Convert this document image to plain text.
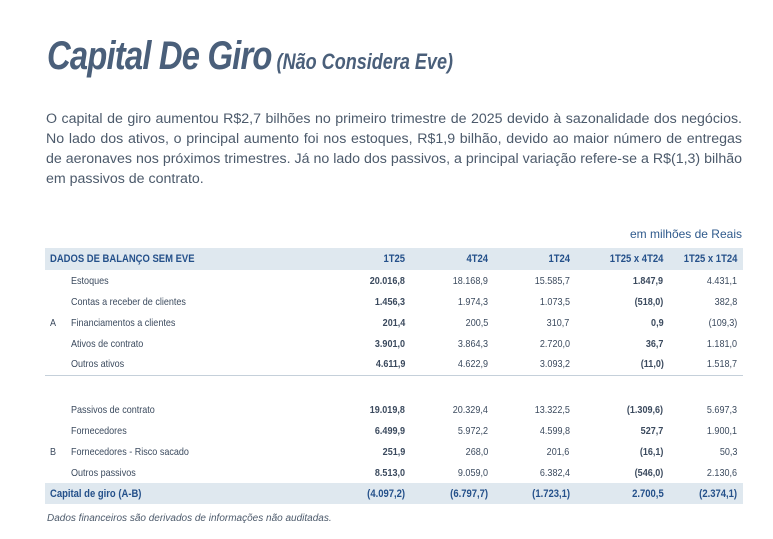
Capital De Giro (Não Considera Eve)
O capital de giro aumentou R$2,7 bilhões no primeiro trimestre de 2025 devido à sazonalidade dos negócios. No lado dos ativos, o principal aumento foi nos estoques, R$1,9 bilhão, devido ao maior número de entregas de aeronaves nos próximos trimestres. Já no lado dos passivos, a principal variação refere-se a R$(1,3) bilhão em passivos de contrato.
em milhões de Reais
DADOS DE BALANÇO SEM EVE		1T25	4T24	1T24	1T25 x 4T24	1T25 x 1T24
	Estoques	20.016,8	18.168,9	15.585,7	1.847,9	4.431,1
	Contas a receber de clientes	1.456,3	1.974,3	1.073,5	(518,0)	382,8
A	Financiamentos a clientes	201,4	200,5	310,7	0,9	(109,3)
	Ativos de contrato	3.901,0	3.864,3	2.720,0	36,7	1.181,0
	Outros ativos	4.611,9	4.622,9	3.093,2	(11,0)	1.518,7

	Passivos de contrato	19.019,8	20.329,4	13.322,5	(1.309,6)	5.697,3
	Fornecedores	6.499,9	5.972,2	4.599,8	527,7	1.900,1
B	Fornecedores - Risco sacado	251,9	268,0	201,6	(16,1)	50,3
	Outros passivos	8.513,0	9.059,0	6.382,4	(546,0)	2.130,6
Capital de giro (A-B)		(4.097,2)	(6.797,7)	(1.723,1)	2.700,5	(2.374,1)
Dados financeiros são derivados de informações não auditadas.
